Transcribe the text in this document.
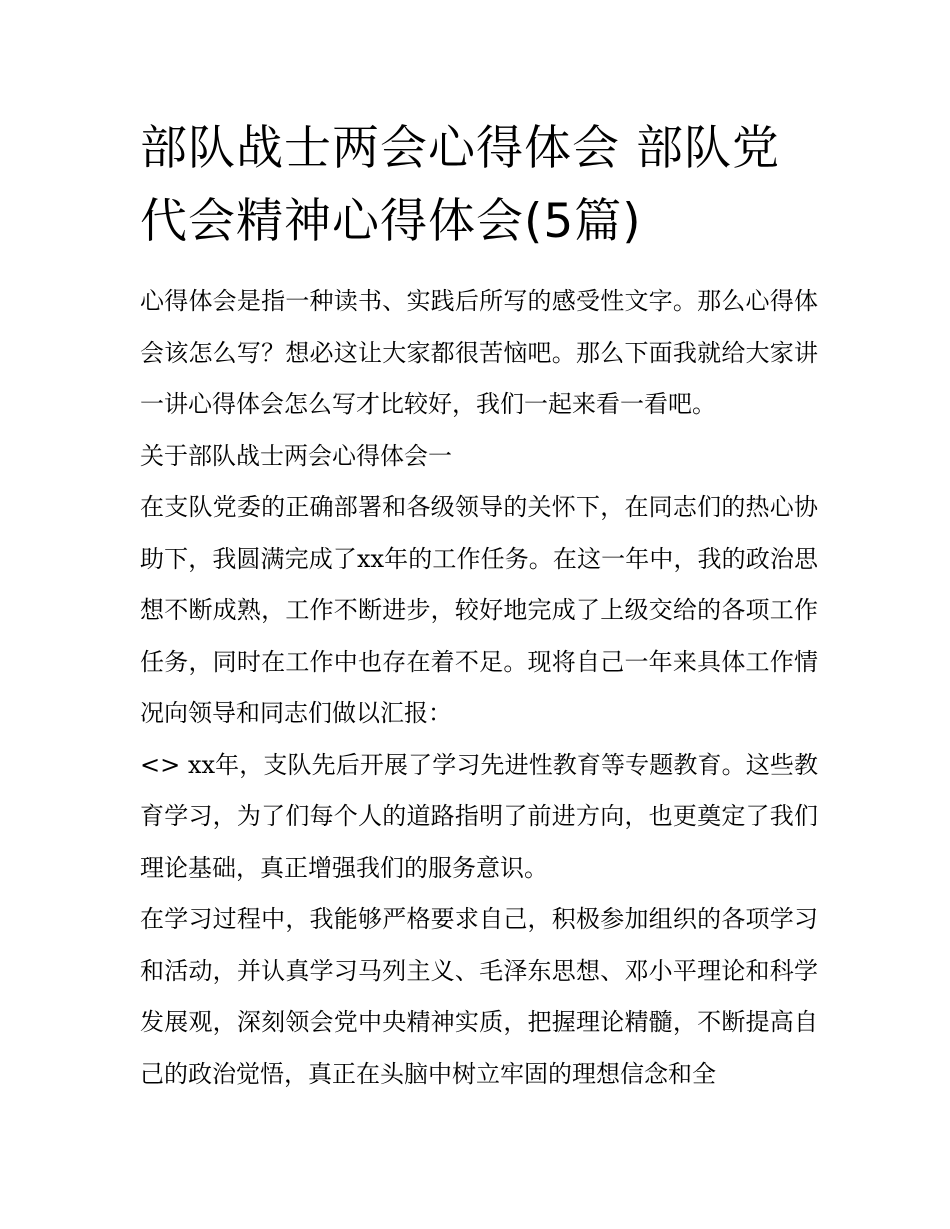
部队战士两会心得体会 部队党代会精神心得体会(5篇)

心得体会是指一种读书、实践后所写的感受性文字。那么心得体会该怎么写？想必这让大家都很苦恼吧。那么下面我就给大家讲一讲心得体会怎么写才比较好，我们一起来看一看吧。

关于部队战士两会心得体会一

在支队党委的正确部署和各级领导的关怀下，在同志们的热心协助下，我圆满完成了xx年的工作任务。在这一年中，我的政治思想不断成熟，工作不断进步，较好地完成了上级交给的各项工作任务，同时在工作中也存在着不足。现将自己一年来具体工作情况向领导和同志们做以汇报：

<> xx年，支队先后开展了学习先进性教育等专题教育。这些教育学习，为了们每个人的道路指明了前进方向，也更奠定了我们理论基础，真正增强我们的服务意识。

在学习过程中，我能够严格要求自己，积极参加组织的各项学习和活动，并认真学习马列主义、毛泽东思想、邓小平理论和科学发展观，深刻领会党中央精神实质，把握理论精髓，不断提高自己的政治觉悟，真正在头脑中树立牢固的理想信念和全
